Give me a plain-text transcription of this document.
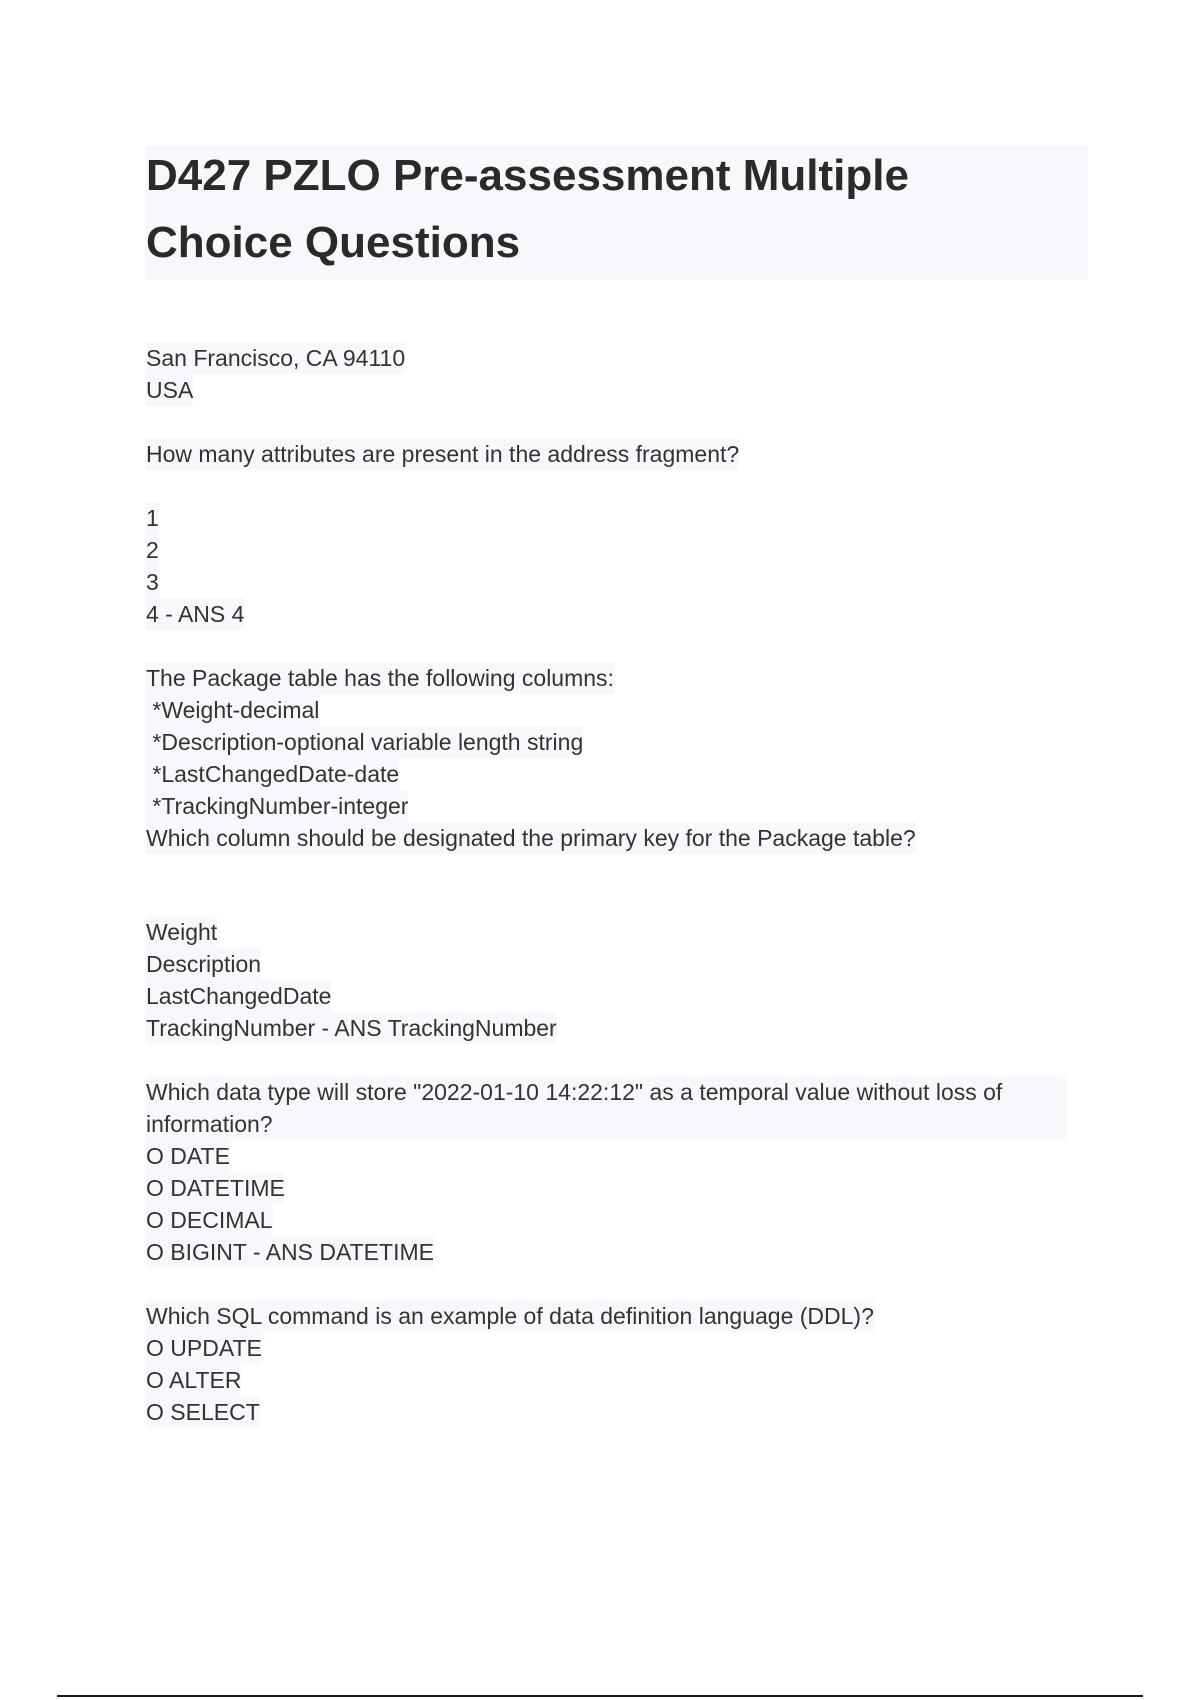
D427 PZLO Pre-assessment Multiple
Choice Questions
San Francisco, CA 94110
USA
How many attributes are present in the address fragment?
1
2
3
4 - ANS 4
The Package table has the following columns:
*Weight-decimal
*Description-optional variable length string
*LastChangedDate-date
*TrackingNumber-integer
Which column should be designated the primary key for the Package table?
Weight
Description
LastChangedDate
TrackingNumber - ANS TrackingNumber
Which data type will store "2022-01-10 14:22:12" as a temporal value without loss of information?
O DATE
O DATETIME
O DECIMAL
O BIGINT - ANS DATETIME
Which SQL command is an example of data definition language (DDL)?
O UPDATE
O ALTER
O SELECT
